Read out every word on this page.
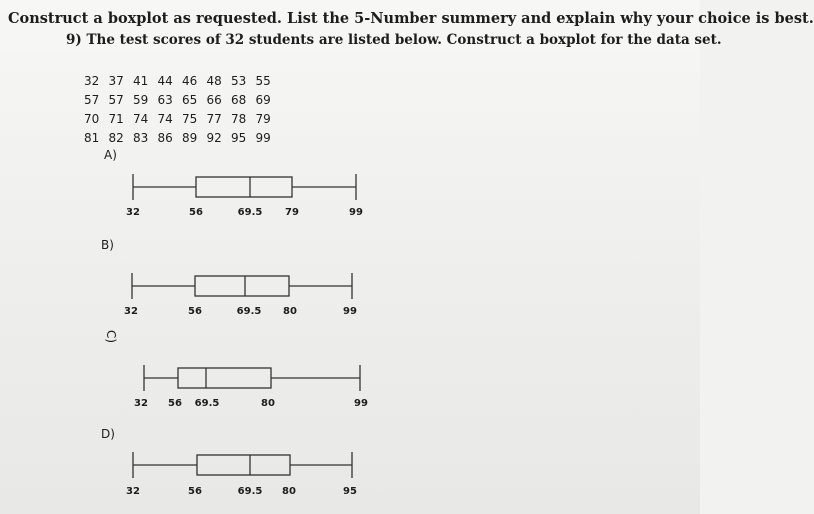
Construct a boxplot as requested. List the 5-Number summery and explain why your choice is best.
9) The test scores of 32 students are listed below. Construct a boxplot for the data set.
32 37 41 44 46 48 53 55
57 57 59 63 65 66 68 69
70 71 74 74 75 77 78 79
81 82 83 86 89 92 95 99
A)
B)
C)
D)
32	56	69.5 79	99
32	56	69.5 80	99
32 56 69.5	80	99
32	56	69.5 80	95
